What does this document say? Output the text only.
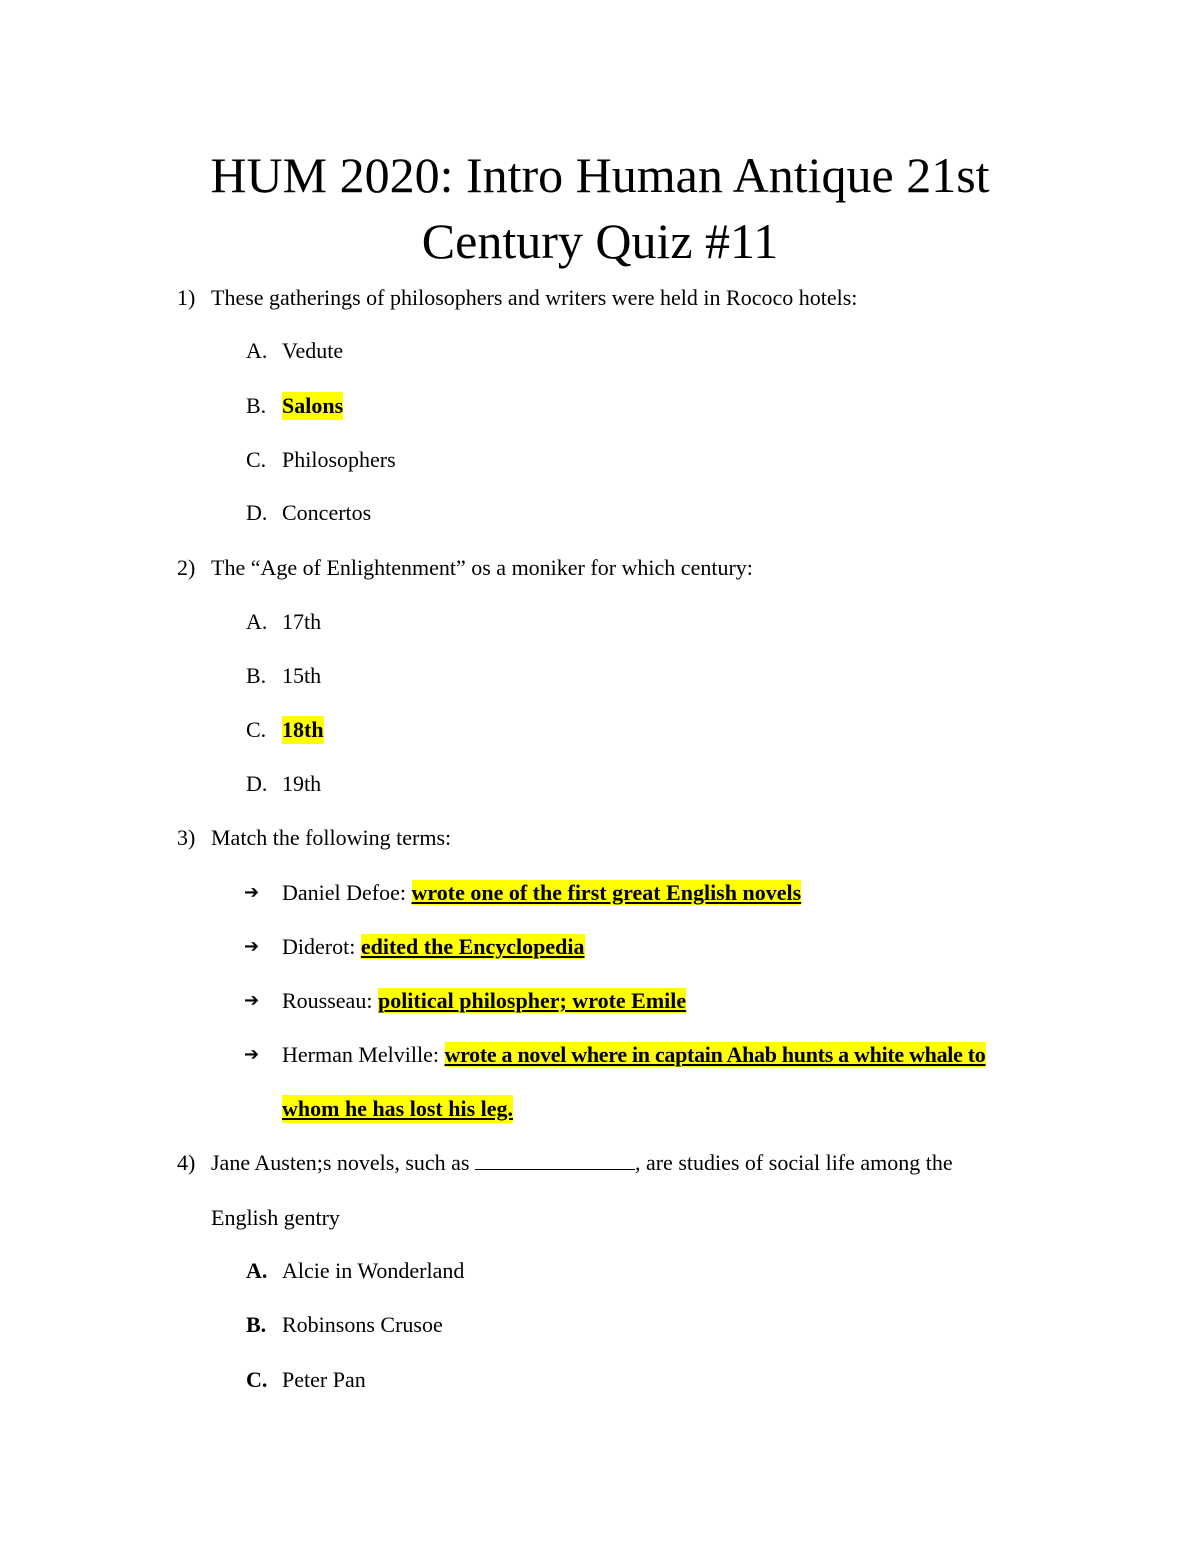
HUM 2020: Intro Human Antique 21st
Century Quiz #11
1) These gatherings of philosophers and writers were held in Rococo hotels:
A. Vedute
B. Salons
C. Philosophers
D. Concertos
2) The “Age of Enlightenment” os a moniker for which century:
A. 17th
B. 15th
C. 18th
D. 19th
3) Match the following terms:
➔ Daniel Defoe: wrote one of the first great English novels
➔ Diderot: edited the Encyclopedia
➔ Rousseau: political philospher; wrote Emile
➔ Herman Melville: wrote a novel where in captain Ahab hunts a white whale to
whom he has lost his leg.
4) Jane Austen;s novels, such as	, are studies of social life among the
English gentry
A. Alcie in Wonderland
B. Robinsons Crusoe
C. Peter Pan
